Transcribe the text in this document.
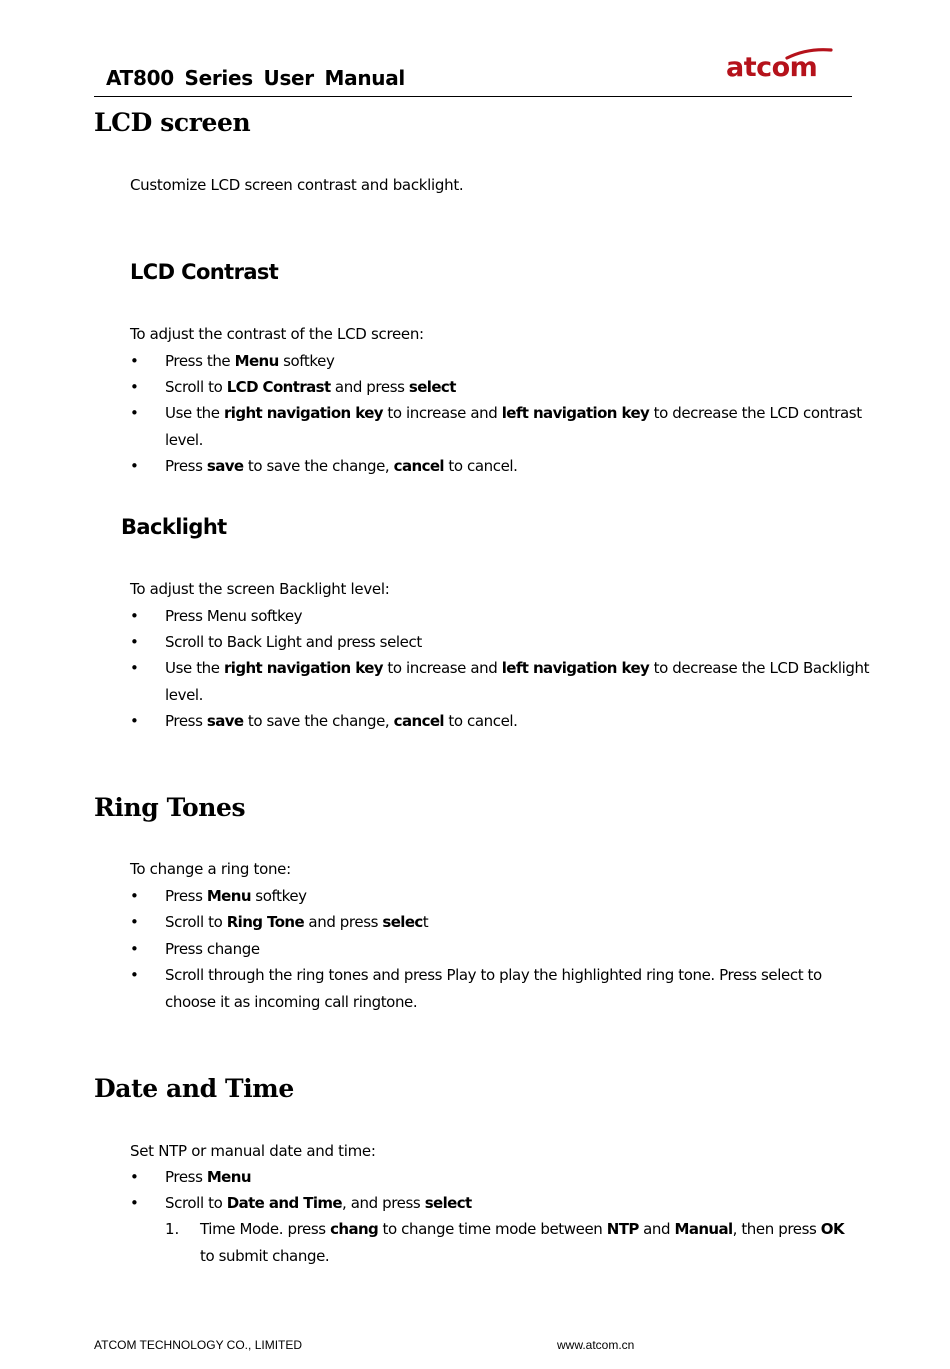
AT800 Series User Manual	atcom
LCD screen
Customize LCD screen contrast and backlight.
LCD Contrast
To adjust the contrast of the LCD screen:
• Press the Menu softkey
• Scroll to LCD Contrast and press select
• Use the right navigation key to increase and left navigation key to decrease the LCD contrast
level.
• Press save to save the change, cancel to cancel.
Backlight
To adjust the screen Backlight level:
• Press Menu softkey
• Scroll to Back Light and press select
• Use the right navigation key to increase and left navigation key to decrease the LCD Backlight
level.
• Press save to save the change, cancel to cancel.
Ring Tones
To change a ring tone:
• Press Menu softkey
• Scroll to Ring Tone and press select
• Press change
• Scroll through the ring tones and press Play to play the highlighted ring tone. Press select to
choose it as incoming call ringtone.
Date and Time
Set NTP or manual date and time:
• Press Menu
• Scroll to Date and Time, and press select
1. Time Mode. press chang to change time mode between NTP and Manual, then press OK
to submit change.
ATCOM TECHNOLOGY CO., LIMITED	www.atcom.cn
